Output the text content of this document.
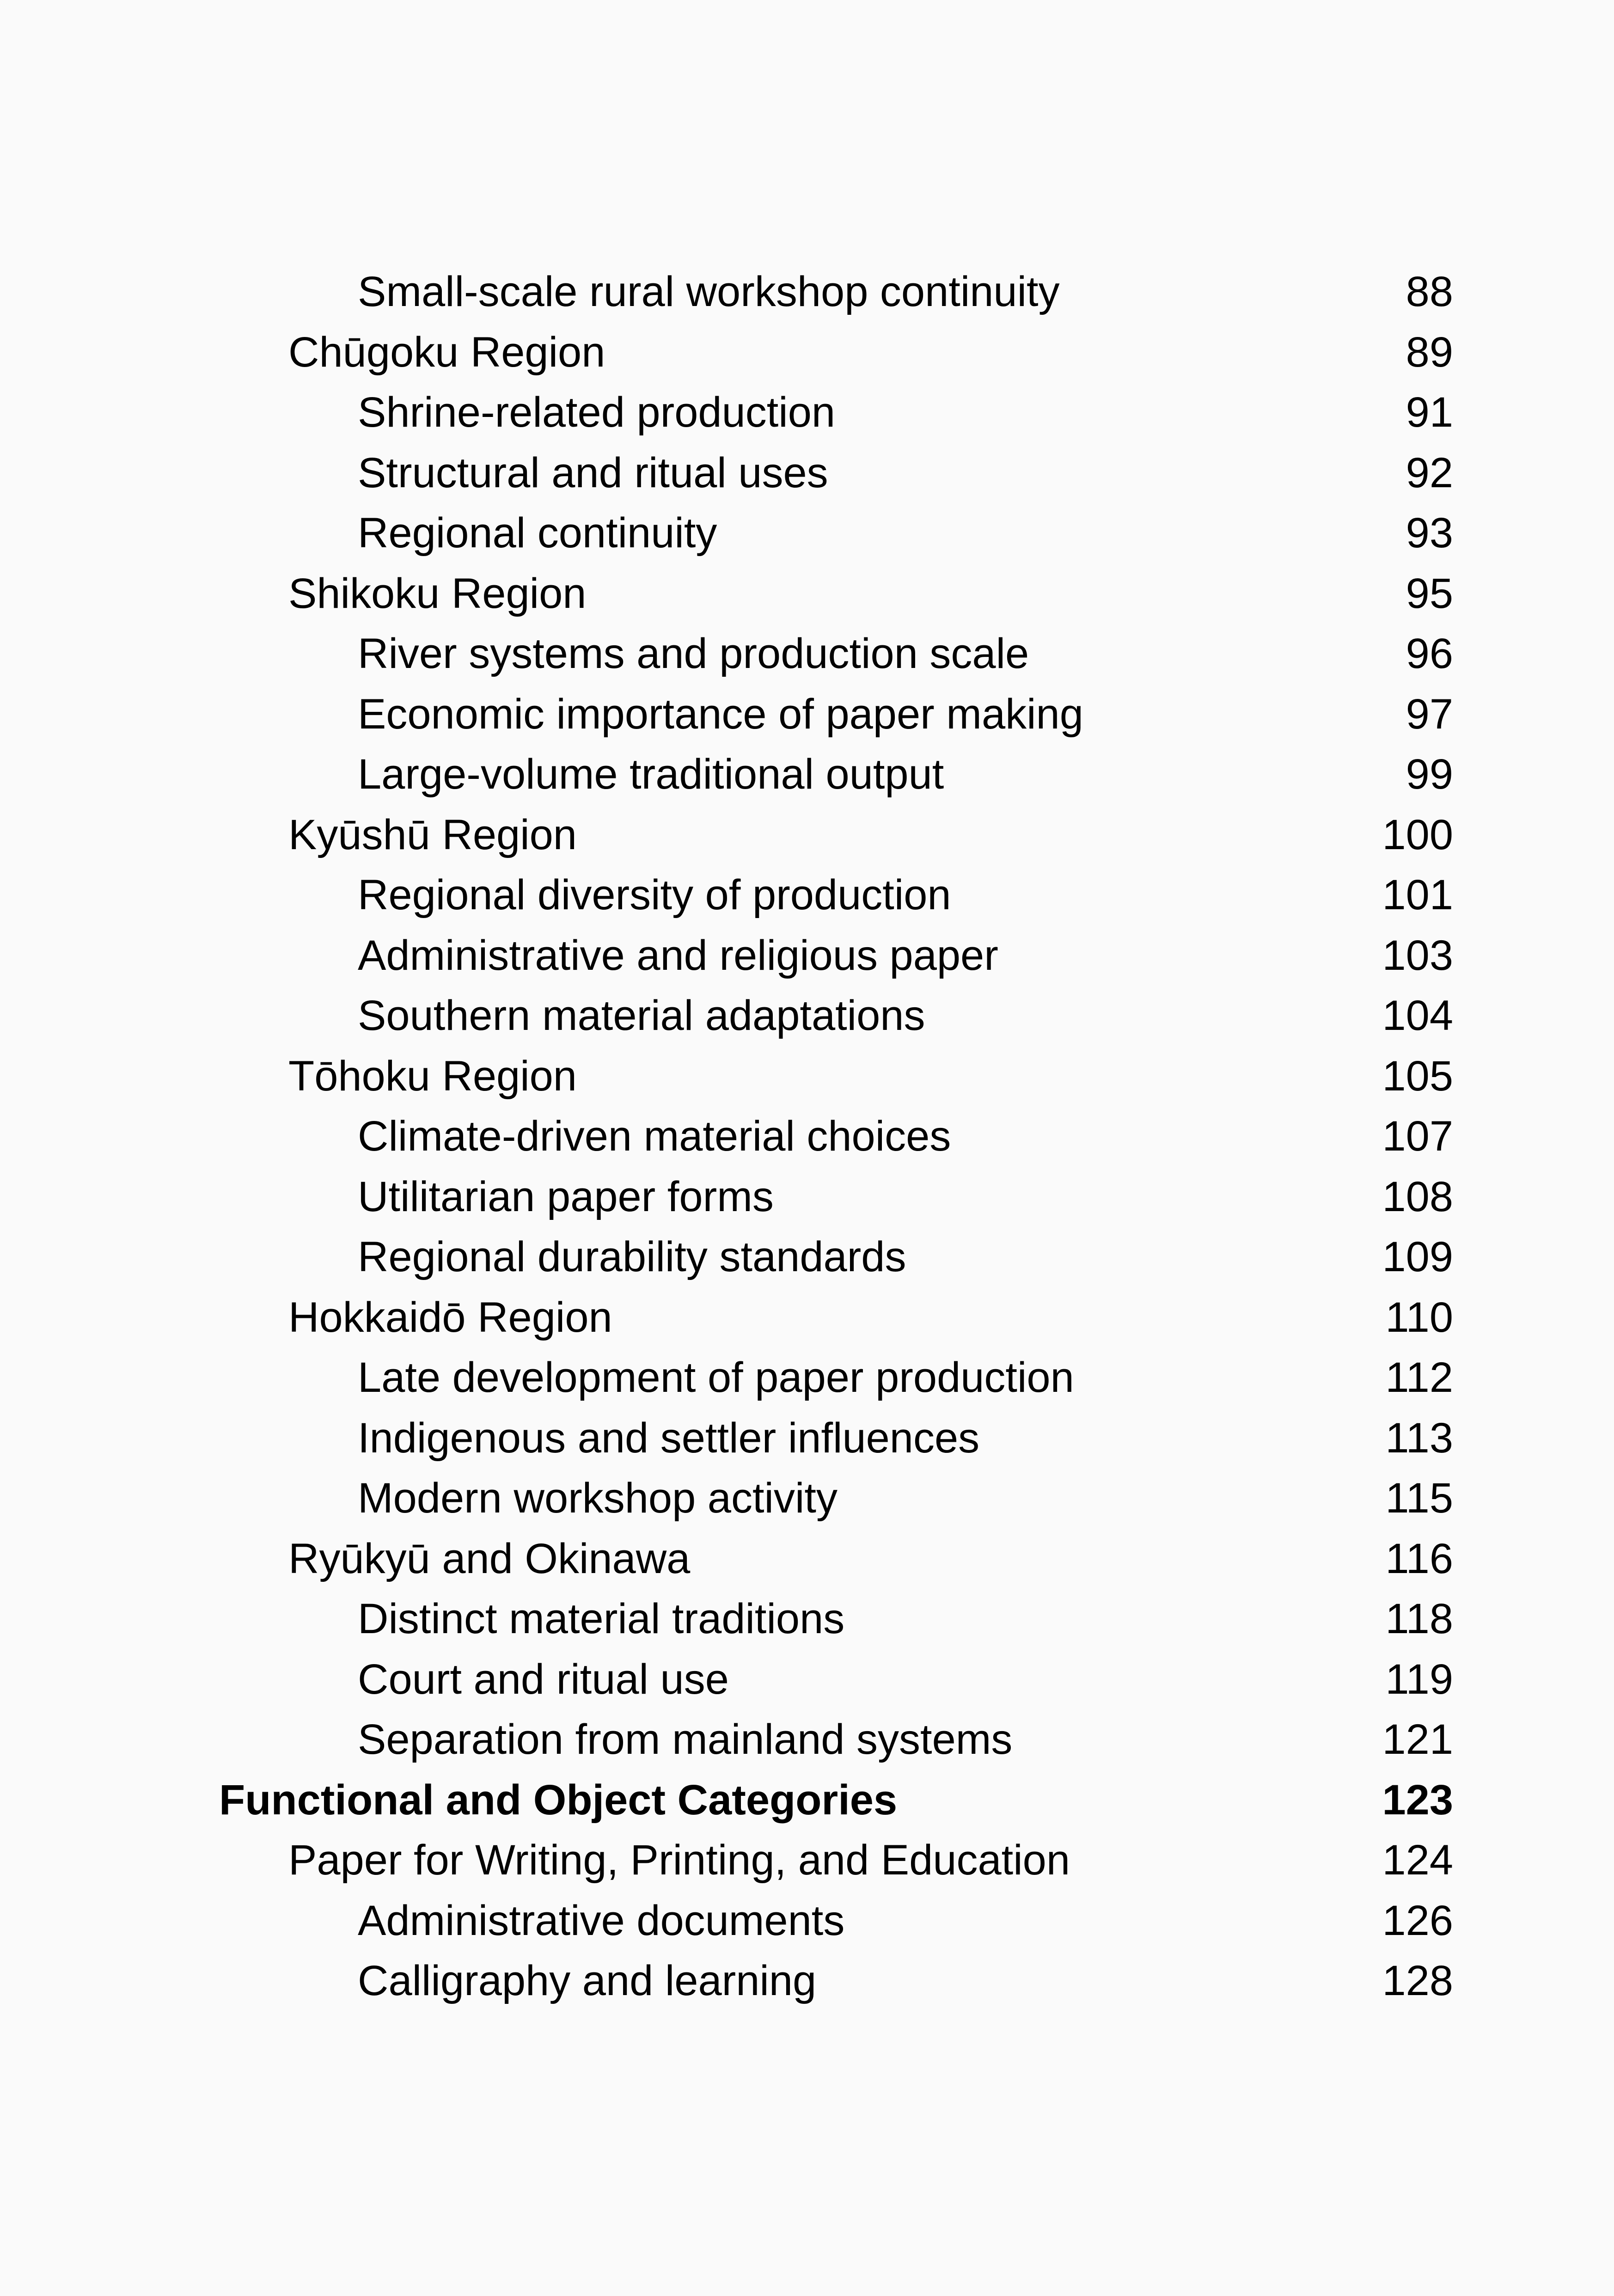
Small-scale rural workshop continuity	88
Chūgoku Region	89
Shrine-related production	91
Structural and ritual uses	92
Regional continuity	93
Shikoku Region	95
River systems and production scale	96
Economic importance of paper making	97
Large-volume traditional output	99
Kyūshū Region	100
Regional diversity of production	101
Administrative and religious paper	103
Southern material adaptations	104
Tōhoku Region	105
Climate-driven material choices	107
Utilitarian paper forms	108
Regional durability standards	109
Hokkaidō Region	110
Late development of paper production	112
Indigenous and settler influences	113
Modern workshop activity	115
Ryūkyū and Okinawa	116
Distinct material traditions	118
Court and ritual use	119
Separation from mainland systems	121
Functional and Object Categories	123
Paper for Writing, Printing, and Education	124
Administrative documents	126
Calligraphy and learning	128
